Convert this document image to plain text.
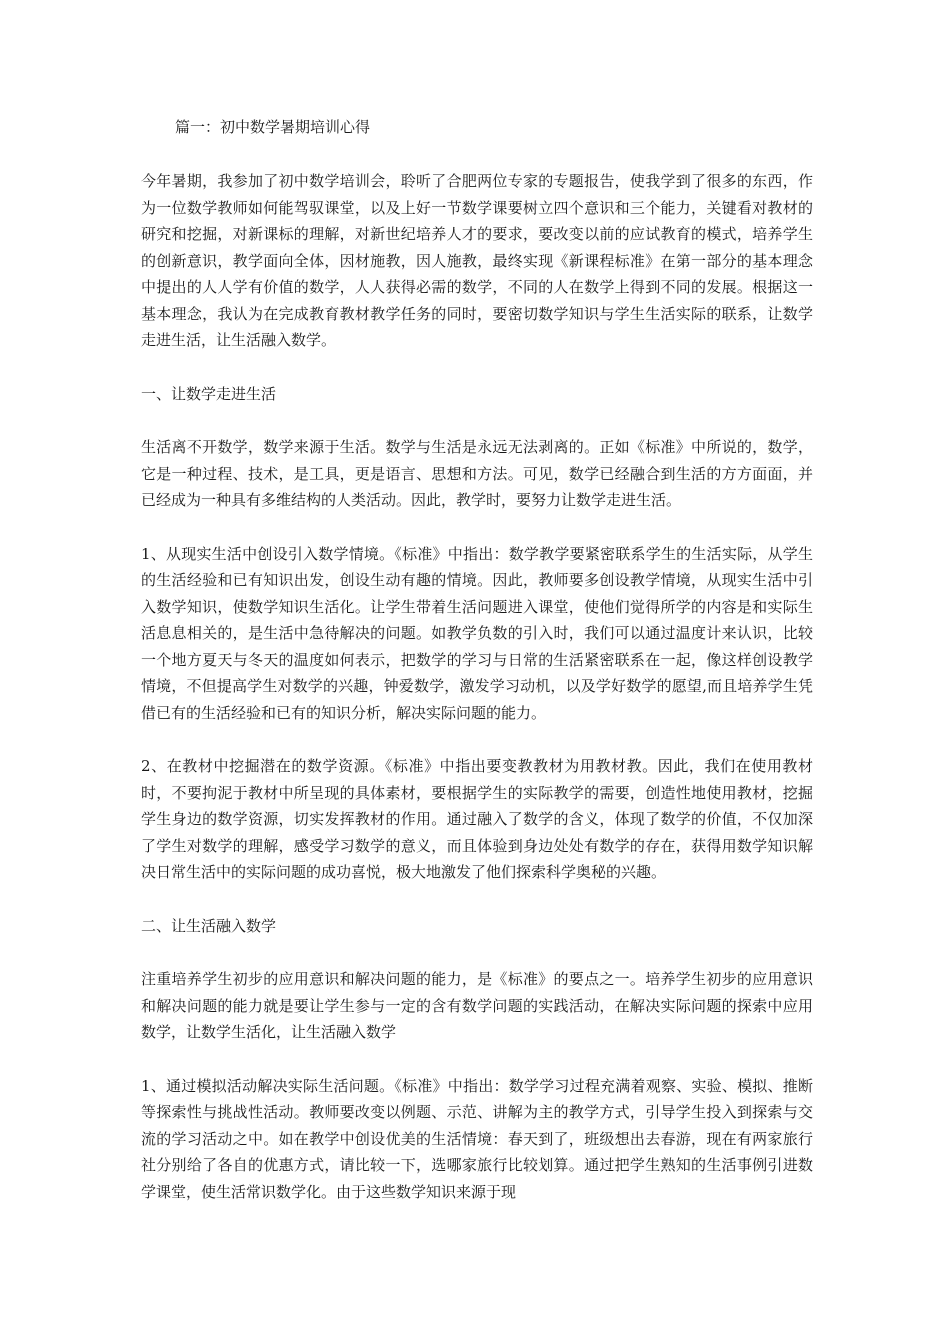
篇一：初中数学暑期培训心得

今年暑期，我参加了初中数学培训会，聆听了合肥两位专家的专题报告，使我学到了很多的东西，作为一位数学教师如何能驾驭课堂，以及上好一节数学课要树立四个意识和三个能力，关键看对教材的研究和挖掘，对新课标的理解，对新世纪培养人才的要求，要改变以前的应试教育的模式，培养学生的创新意识，教学面向全体，因材施教，因人施教，最终实现《新课程标准》在第一部分的基本理念中提出的人人学有价值的数学，人人获得必需的数学，不同的人在数学上得到不同的发展。根据这一基本理念，我认为在完成教育教材教学任务的同时，要密切数学知识与学生生活实际的联系，让数学走进生活，让生活融入数学。

一、让数学走进生活

生活离不开数学，数学来源于生活。数学与生活是永远无法剥离的。正如《标准》中所说的，数学，它是一种过程、技术，是工具，更是语言、思想和方法。可见，数学已经融合到生活的方方面面，并已经成为一种具有多维结构的人类活动。因此，教学时，要努力让数学走进生活。

1、从现实生活中创设引入数学情境。《标准》中指出：数学教学要紧密联系学生的生活实际，从学生的生活经验和已有知识出发，创设生动有趣的情境。因此，教师要多创设教学情境，从现实生活中引入数学知识，使数学知识生活化。让学生带着生活问题进入课堂，使他们觉得所学的内容是和实际生活息息相关的，是生活中急待解决的问题。如教学负数的引入时，我们可以通过温度计来认识，比较一个地方夏天与冬天的温度如何表示，把数学的学习与日常的生活紧密联系在一起，像这样创设教学情境，不但提高学生对数学的兴趣，钟爱数学，激发学习动机，以及学好数学的愿望,而且培养学生凭借已有的生活经验和已有的知识分析，解决实际问题的能力。

2、在教材中挖掘潜在的数学资源。《标准》中指出要变教教材为用教材教。因此，我们在使用教材时，不要拘泥于教材中所呈现的具体素材，要根据学生的实际教学的需要，创造性地使用教材，挖掘学生身边的数学资源，切实发挥教材的作用。通过融入了数学的含义，体现了数学的价值，不仅加深了学生对数学的理解，感受学习数学的意义，而且体验到身边处处有数学的存在，获得用数学知识解决日常生活中的实际问题的成功喜悦，极大地激发了他们探索科学奥秘的兴趣。

二、让生活融入数学

注重培养学生初步的应用意识和解决问题的能力，是《标准》的要点之一。培养学生初步的应用意识和解决问题的能力就是要让学生参与一定的含有数学问题的实践活动，在解决实际问题的探索中应用数学，让数学生活化，让生活融入数学

1、通过模拟活动解决实际生活问题。《标准》中指出：数学学习过程充满着观察、实验、模拟、推断等探索性与挑战性活动。教师要改变以例题、示范、讲解为主的教学方式，引导学生投入到探索与交流的学习活动之中。如在教学中创设优美的生活情境：春天到了，班级想出去春游，现在有两家旅行社分别给了各自的优惠方式，请比较一下，选哪家旅行比较划算。通过把学生熟知的生活事例引进数学课堂，使生活常识数学化。由于这些数学知识来源于现
